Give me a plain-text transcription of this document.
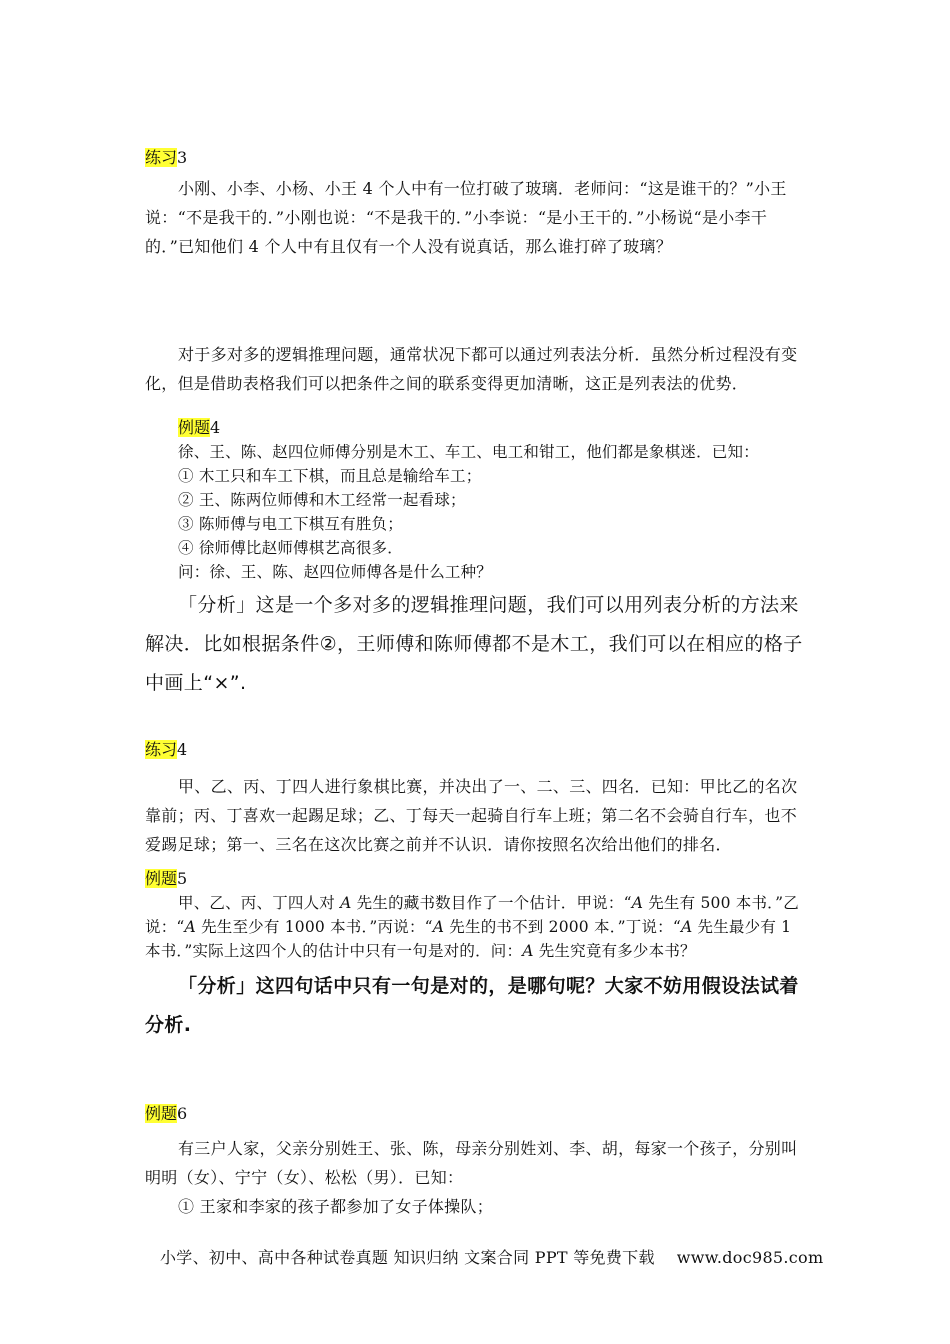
练习3

小刚、小李、小杨、小王 4 个人中有一位打破了玻璃．老师问：“这是谁干的？”小王说：“不是我干的．”小刚也说：“不是我干的．”小李说：“是小王干的．”小杨说“是小李干的．”已知他们 4 个人中有且仅有一个人没有说真话，那么谁打碎了玻璃？

对于多对多的逻辑推理问题，通常状况下都可以通过列表法分析．虽然分析过程没有变化，但是借助表格我们可以把条件之间的联系变得更加清晰，这正是列表法的优势．

例题4

徐、王、陈、赵四位师傅分别是木工、车工、电工和钳工，他们都是象棋迷．已知：

① 木工只和车工下棋，而且总是输给车工；

② 王、陈两位师傅和木工经常一起看球；

③ 陈师傅与电工下棋互有胜负；

④ 徐师傅比赵师傅棋艺高很多．

问：徐、王、陈、赵四位师傅各是什么工种？

「分析」这是一个多对多的逻辑推理问题，我们可以用列表分析的方法来解决．比如根据条件②，王师傅和陈师傅都不是木工，我们可以在相应的格子中画上“×”.

练习4

甲、乙、丙、丁四人进行象棋比赛，并决出了一、二、三、四名．已知：甲比乙的名次靠前；丙、丁喜欢一起踢足球；乙、丁每天一起骑自行车上班；第二名不会骑自行车，也不爱踢足球；第一、三名在这次比赛之前并不认识．请你按照名次给出他们的排名．

例题5

甲、乙、丙、丁四人对 A 先生的藏书数目作了一个估计．甲说：“A 先生有 500 本书．”乙说：“A 先生至少有 1000 本书．”丙说：“A 先生的书不到 2000 本．”丁说：“A 先生最少有 1 本书．”实际上这四个人的估计中只有一句是对的．问：A 先生究竟有多少本书？

「分析」这四句话中只有一句是对的，是哪句呢？大家不妨用假设法试着分析.

例题6

有三户人家，父亲分别姓王、张、陈，母亲分别姓刘、李、胡，每家一个孩子，分别叫明明（女）、宁宁（女）、松松（男）．已知：

① 王家和李家的孩子都参加了女子体操队；

小学、初中、高中各种试卷真题 知识归纳 文案合同 PPT 等免费下载 www.doc985.com
